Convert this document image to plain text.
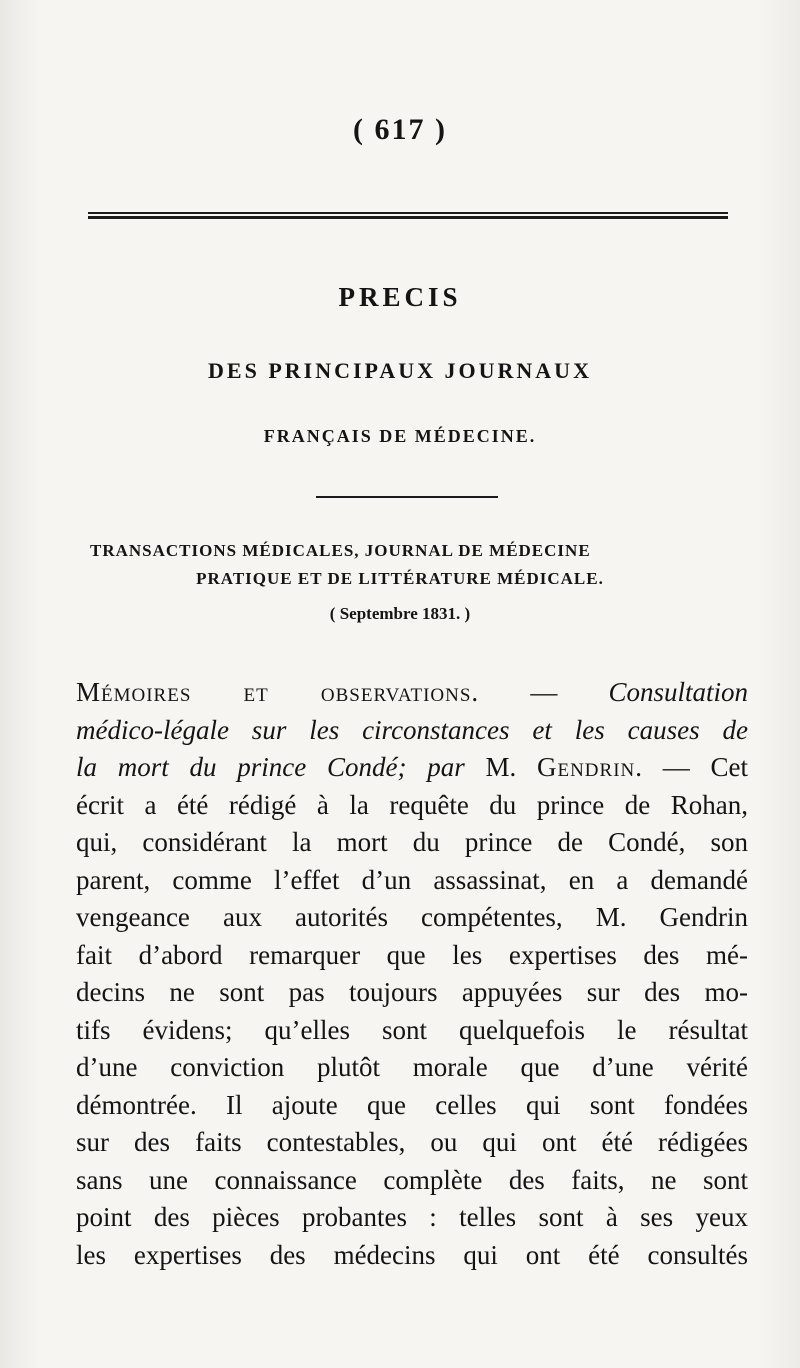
( 617 )
PRECIS
DES PRINCIPAUX JOURNAUX
FRANÇAIS DE MÉDECINE.
TRANSACTIONS MÉDICALES, JOURNAL DE MÉDECINE
PRATIQUE ET DE LITTÉRATURE MÉDICALE.
( Septembre 1831. )
Mémoires et observations. — Consultation
médico-légale sur les circonstances et les causes de
la mort du prince Condé; par M. Gendrin. — Cet
écrit a été rédigé à la requête du prince de Rohan,
qui, considérant la mort du prince de Condé, son
parent, comme l’effet d’un assassinat, en a demandé
vengeance aux autorités compétentes, M. Gendrin
fait d’abord remarquer que les expertises des mé-
decins ne sont pas toujours appuyées sur des mo-
tifs évidens; qu’elles sont quelquefois le résultat
d’une conviction plutôt morale que d’une vérité
démontrée. Il ajoute que celles qui sont fondées
sur des faits contestables, ou qui ont été rédigées
sans une connaissance complète des faits, ne sont
point des pièces probantes : telles sont à ses yeux
les expertises des médecins qui ont été consultés
